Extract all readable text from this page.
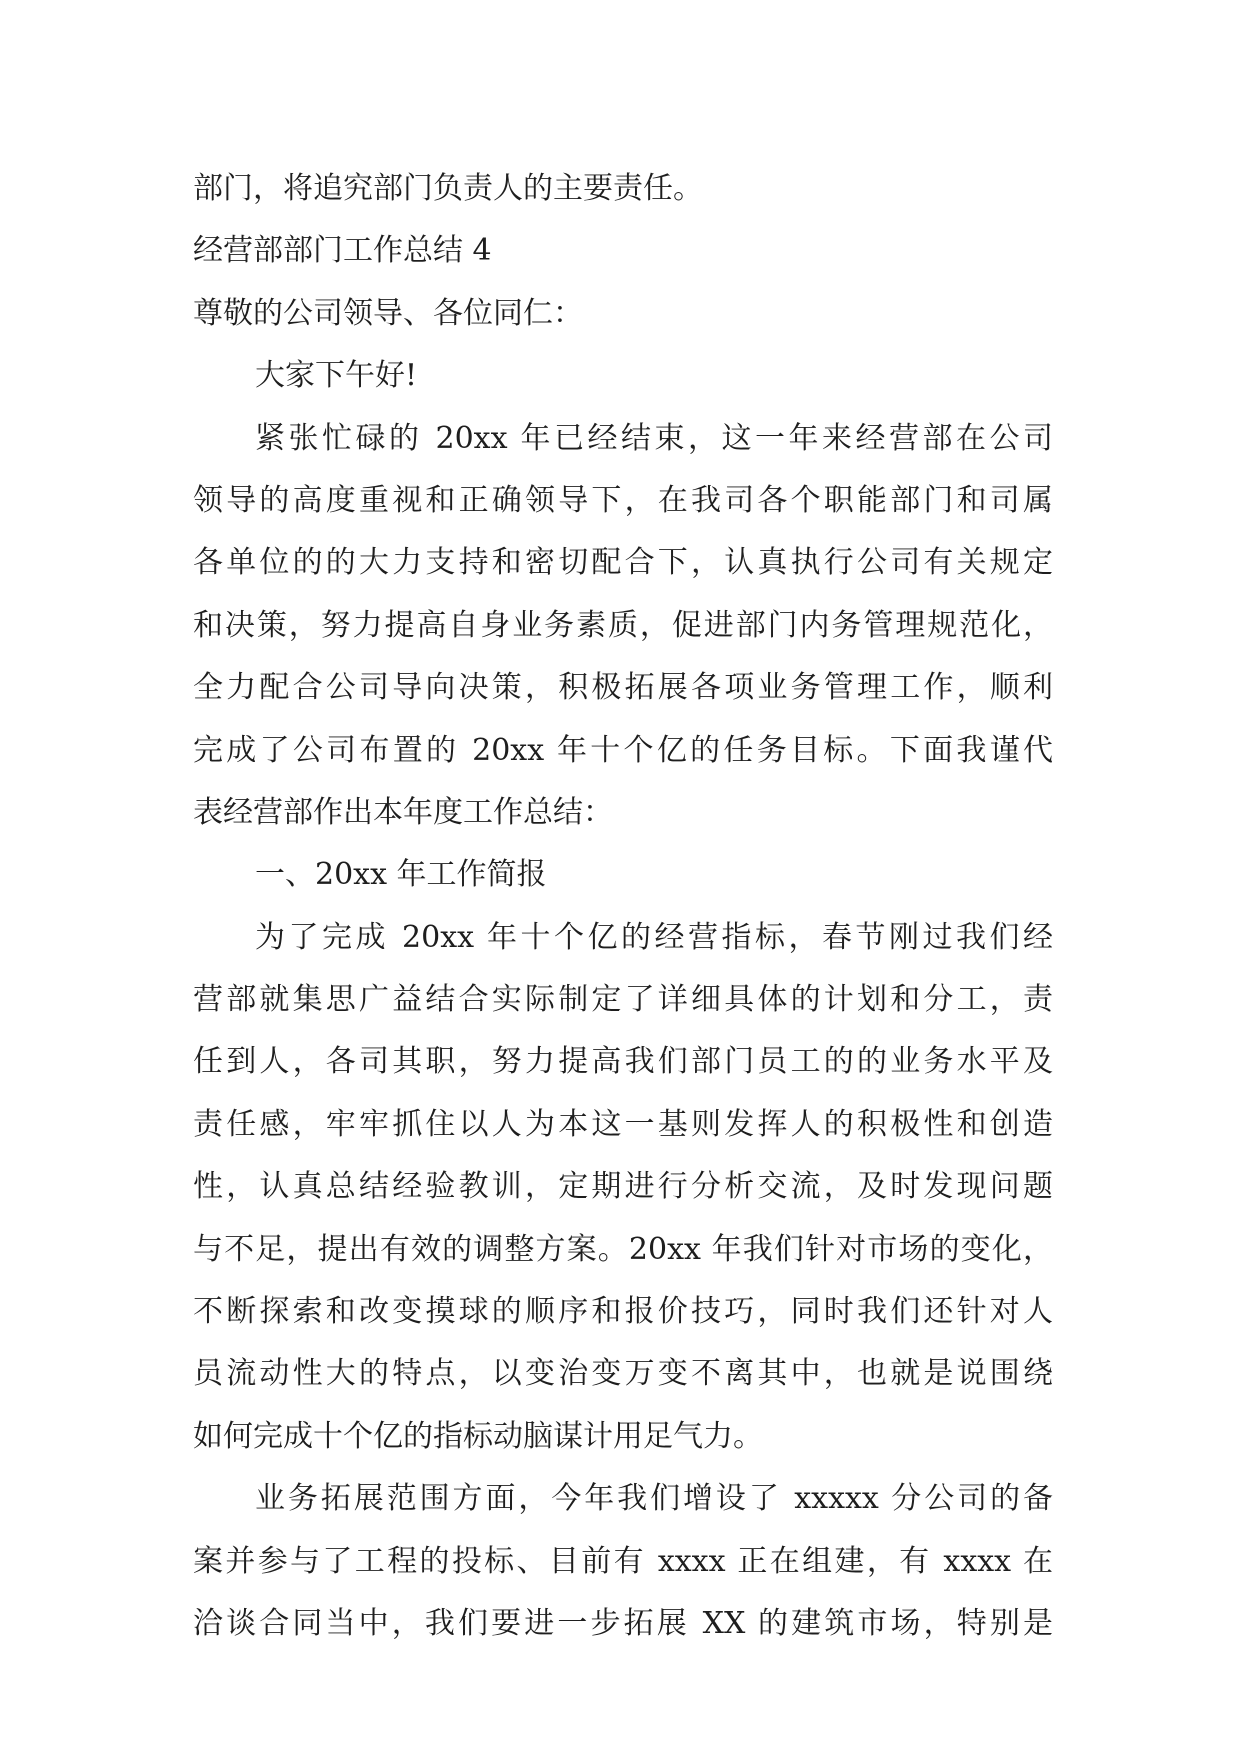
部门，将追究部门负责人的主要责任。
经营部部门工作总结 4
尊敬的公司领导、各位同仁：
大家下午好!
紧张忙碌的 20xx 年已经结束，这一年来经营部在公司
领导的高度重视和正确领导下，在我司各个职能部门和司属
各单位的的大力支持和密切配合下，认真执行公司有关规定
和决策，努力提高自身业务素质，促进部门内务管理规范化，
全力配合公司导向决策，积极拓展各项业务管理工作，顺利
完成了公司布置的 20xx 年十个亿的任务目标。下面我谨代
表经营部作出本年度工作总结：
一、20xx 年工作简报
为了完成 20xx 年十个亿的经营指标，春节刚过我们经
营部就集思广益结合实际制定了详细具体的计划和分工，责
任到人，各司其职，努力提高我们部门员工的的业务水平及
责任感，牢牢抓住以人为本这一基则发挥人的积极性和创造
性，认真总结经验教训，定期进行分析交流，及时发现问题
与不足，提出有效的调整方案。20xx 年我们针对市场的变化，
不断探索和改变摸球的顺序和报价技巧，同时我们还针对人
员流动性大的特点，以变治变万变不离其中，也就是说围绕
如何完成十个亿的指标动脑谋计用足气力。
业务拓展范围方面，今年我们增设了 xxxxx 分公司的备
案并参与了工程的投标、目前有 xxxx 正在组建，有 xxxx 在
洽谈合同当中，我们要进一步拓展 XX 的建筑市场，特别是
